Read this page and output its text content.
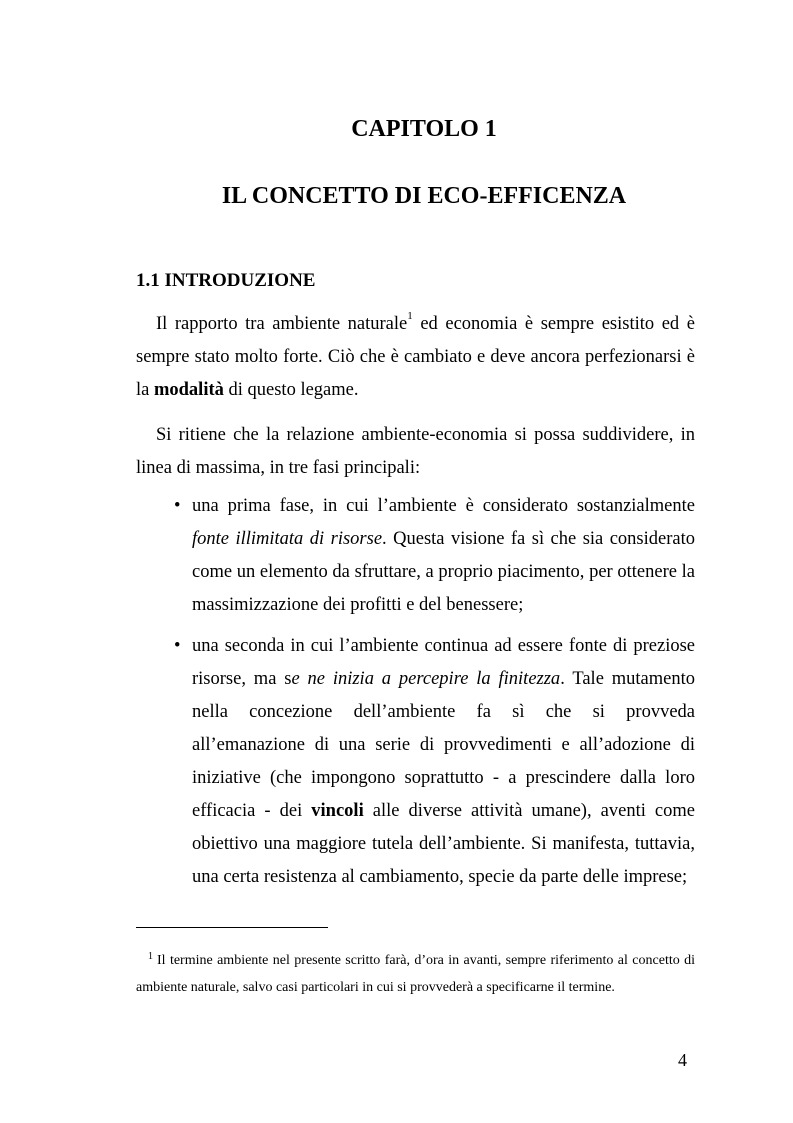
CAPITOLO 1
IL CONCETTO DI ECO-EFFICENZA
1.1 INTRODUZIONE

Il rapporto tra ambiente naturale$^1$ ed economia è sempre esistito ed è sempre stato molto forte. Ciò che è cambiato e deve ancora perfezionarsi è la modalità di questo legame.

Si ritiene che la relazione ambiente-economia si possa suddividere, in linea di massima, in tre fasi principali:

• una prima fase, in cui l’ambiente è considerato sostanzialmente fonte illimitata di risorse. Questa visione fa sì che sia considerato come un elemento da sfruttare, a proprio piacimento, per ottenere la massimizzazione dei profitti e del benessere;
• una seconda in cui l’ambiente continua ad essere fonte di preziose risorse, ma se ne inizia a percepire la finitezza. Tale mutamento nella concezione dell’ambiente fa sì che si provveda all’emanazione di una serie di provvedimenti e all’adozione di iniziative (che impongono soprattutto - a prescindere dalla loro efficacia - dei vincoli alle diverse attività umane), aventi come obiettivo una maggiore tutela dell’ambiente. Si manifesta, tuttavia, una certa resistenza al cambiamento, specie da parte delle imprese;

$^1$ Il termine ambiente nel presente scritto farà, d’ora in avanti, sempre riferimento al concetto di ambiente naturale, salvo casi particolari in cui si provvederà a specificarne il termine.

4
